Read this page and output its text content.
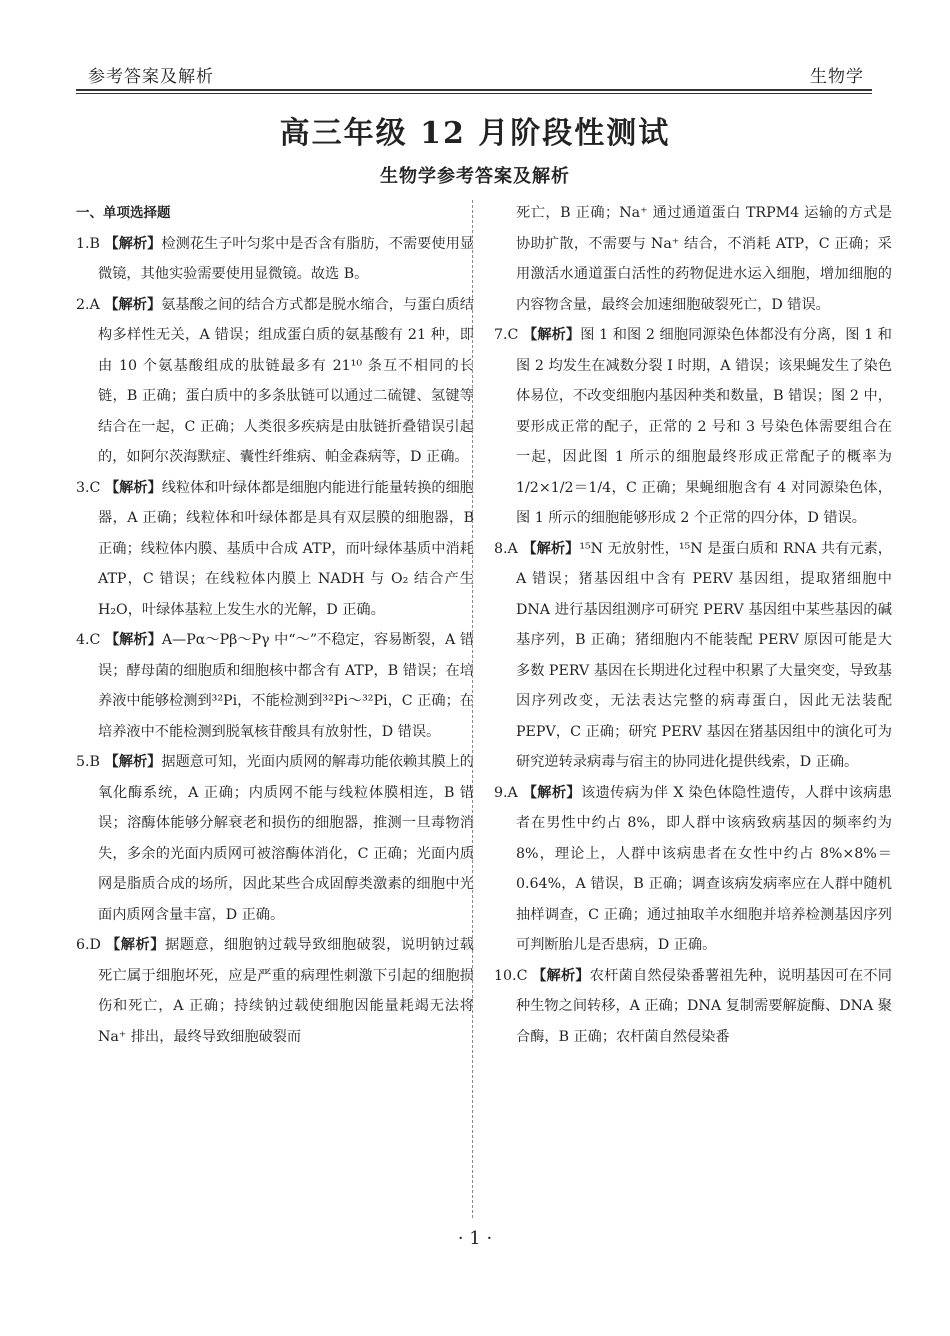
参考答案及解析	生物学
高三年级 12 月阶段性测试
生物学参考答案及解析
一、单项选择题

1.B 【解析】检测花生子叶匀浆中是否含有脂肪，不需要使用显微镜，其他实验需要使用显微镜。故选 B。

2.A 【解析】氨基酸之间的结合方式都是脱水缩合，与蛋白质结构多样性无关，A 错误；组成蛋白质的氨基酸有 21 种，即由 10 个氨基酸组成的肽链最多有 21¹⁰ 条互不相同的长链，B 正确；蛋白质中的多条肽链可以通过二硫键、氢键等结合在一起，C 正确；人类很多疾病是由肽链折叠错误引起的，如阿尔茨海默症、囊性纤维病、帕金森病等，D 正确。

3.C 【解析】线粒体和叶绿体都是细胞内能进行能量转换的细胞器，A 正确；线粒体和叶绿体都是具有双层膜的细胞器，B 正确；线粒体内膜、基质中合成 ATP，而叶绿体基质中消耗 ATP，C 错误；在线粒体内膜上 NADH 与 O₂ 结合产生 H₂O，叶绿体基粒上发生水的光解，D 正确。

4.C 【解析】A—Pα～Pβ～Pγ 中“～”不稳定，容易断裂，A 错误；酵母菌的细胞质和细胞核中都含有 ATP，B 错误；在培养液中能够检测到³²Pi，不能检测到³²Pi～³²Pi，C 正确；在培养液中不能检测到脱氧核苷酸具有放射性，D 错误。

5.B 【解析】据题意可知，光面内质网的解毒功能依赖其膜上的氧化酶系统，A 正确；内质网不能与线粒体膜相连，B 错误；溶酶体能够分解衰老和损伤的细胞器，推测一旦毒物消失，多余的光面内质网可被溶酶体消化，C 正确；光面内质网是脂质合成的场所，因此某些合成固醇类激素的细胞中光面内质网含量丰富，D 正确。

6.D 【解析】据题意，细胞钠过载导致细胞破裂，说明钠过载死亡属于细胞坏死，应是严重的病理性刺激下引起的细胞损伤和死亡，A 正确；持续钠过载使细胞因能量耗竭无法将 Na⁺ 排出，最终导致细胞破裂而

死亡，B 正确；Na⁺ 通过通道蛋白 TRPM4 运输的方式是协助扩散，不需要与 Na⁺ 结合，不消耗 ATP，C 正确；采用激活水通道蛋白活性的药物促进水运入细胞，增加细胞的内容物含量，最终会加速细胞破裂死亡，D 错误。

7.C 【解析】图 1 和图 2 细胞同源染色体都没有分离，图 1 和图 2 均发生在减数分裂 Ⅰ 时期，A 错误；该果蝇发生了染色体易位，不改变细胞内基因种类和数量，B 错误；图 2 中，要形成正常的配子，正常的 2 号和 3 号染色体需要组合在一起，因此图 1 所示的细胞最终形成正常配子的概率为 1/2×1/2＝1/4，C 正确；果蝇细胞含有 4 对同源染色体，图 1 所示的细胞能够形成 2 个正常的四分体，D 错误。

8.A 【解析】¹⁵N 无放射性，¹⁵N 是蛋白质和 RNA 共有元素，A 错误；猪基因组中含有 PERV 基因组，提取猪细胞中 DNA 进行基因组测序可研究 PERV 基因组中某些基因的碱基序列，B 正确；猪细胞内不能装配 PERV 原因可能是大多数 PERV 基因在长期进化过程中积累了大量突变，导致基因序列改变，无法表达完整的病毒蛋白，因此无法装配 PEPV，C 正确；研究 PERV 基因在猪基因组中的演化可为研究逆转录病毒与宿主的协同进化提供线索，D 正确。

9.A 【解析】该遗传病为伴 X 染色体隐性遗传，人群中该病患者在男性中约占 8%，即人群中该病致病基因的频率约为 8%，理论上，人群中该病患者在女性中约占 8%×8%＝0.64%，A 错误，B 正确；调查该病发病率应在人群中随机抽样调查，C 正确；通过抽取羊水细胞并培养检测基因序列可判断胎儿是否患病，D 正确。

10.C 【解析】农杆菌自然侵染番薯祖先种，说明基因可在不同种生物之间转移，A 正确；DNA 复制需要解旋酶、DNA 聚合酶，B 正确；农杆菌自然侵染番

· 1 ·
